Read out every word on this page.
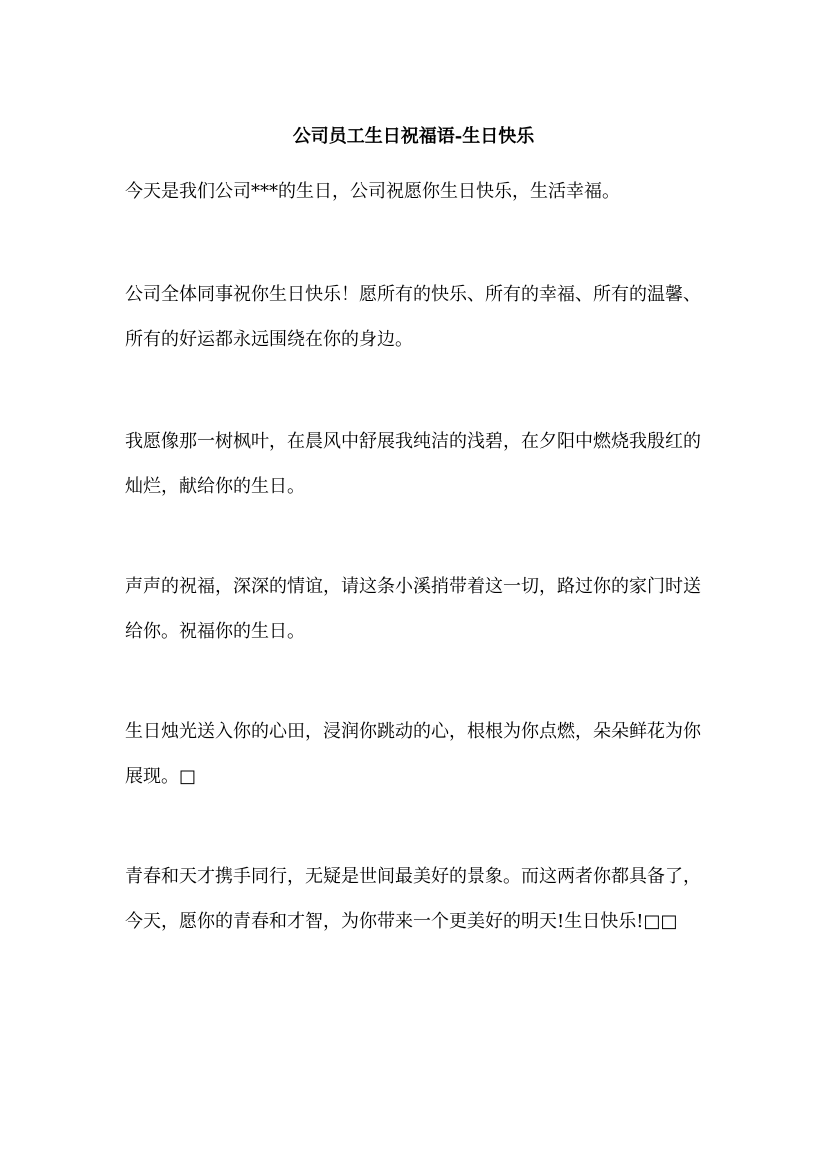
公司员工生日祝福语-生日快乐

今天是我们公司***的生日，公司祝愿你生日快乐，生活幸福。

公司全体同事祝你生日快乐！愿所有的快乐、所有的幸福、所有的温馨、所有的好运都永远围绕在你的身边。

我愿像那一树枫叶，在晨风中舒展我纯洁的浅碧，在夕阳中燃烧我殷红的灿烂，献给你的生日。

声声的祝福，深深的情谊，请这条小溪捎带着这一切，路过你的家门时送给你。祝福你的生日。

生日烛光送入你的心田，浸润你跳动的心，根根为你点燃，朵朵鲜花为你展现。□

青春和天才携手同行，无疑是世间最美好的景象。而这两者你都具备了，今天，愿你的青春和才智，为你带来一个更美好的明天!生日快乐!□□
